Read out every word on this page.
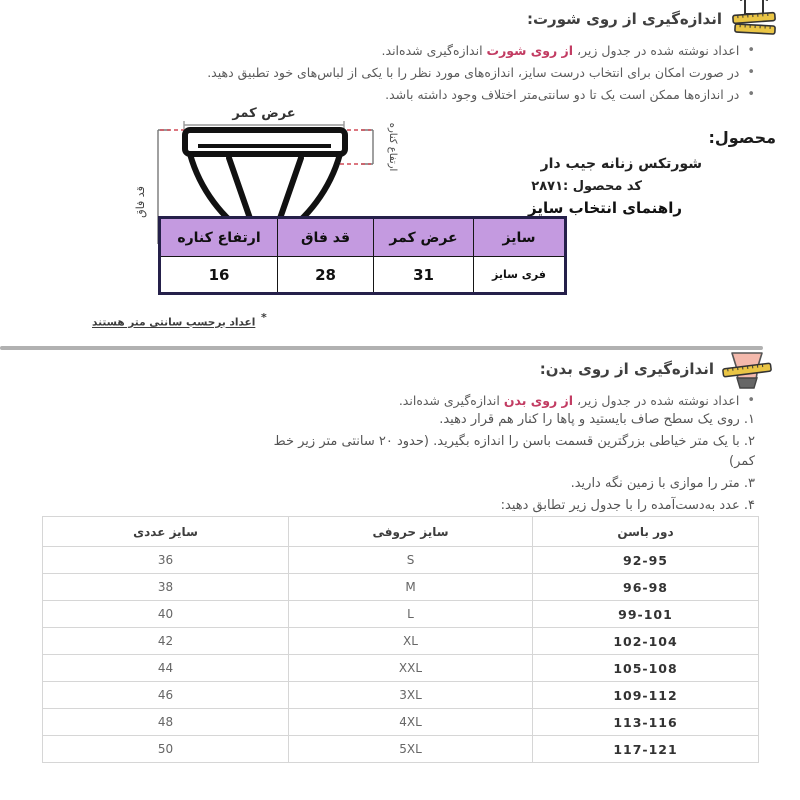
اندازه‌گیری از روی شورت:
•
اعداد نوشته شده در جدول زیر، از روی شورت اندازه‌گیری شده‌اند.
•
در صورت امکان برای انتخاب درست سایز، اندازه‌های مورد نظر را با یکی از لباس‌های خود تطبیق دهید.
•
در اندازه‌ها ممکن است یک تا دو سانتی‌متر اختلاف وجود داشته باشد.
عرض کمر
قد فاق
ارتفاع کناره	محصول:
شورتکس زنانه جیب دار
کد محصول :۲۸۷۱
راهنمای انتخاب سایز
سایز	عرض کمر	قد فاق	ارتفاع کناره
فری سایز	31	28	16
* اعداد برحسب سانتی متر هستند
اندازه‌گیری از روی بدن:
•
اعداد نوشته شده در جدول زیر، از روی بدن اندازه‌گیری شده‌اند.
۱. روی یک سطح صاف بایستید و پاها را کنار هم قرار دهید.
۲. با یک متر خیاطی بزرگترین قسمت باسن را اندازه بگیرید. (حدود ۲۰ سانتی متر زیر خط کمر)
۳. متر را موازی با زمین نگه دارید.
۴. عدد به‌دست‌آمده را با جدول زیر تطابق دهید:
دور باسن	سایز حروفی	سایز عددی
92-95	S	36
96-98	M	38
99-101	L	40
102-104	XL	42
105-108	XXL	44
109-112	3XL	46
113-116	4XL	48
117-121	5XL	50
